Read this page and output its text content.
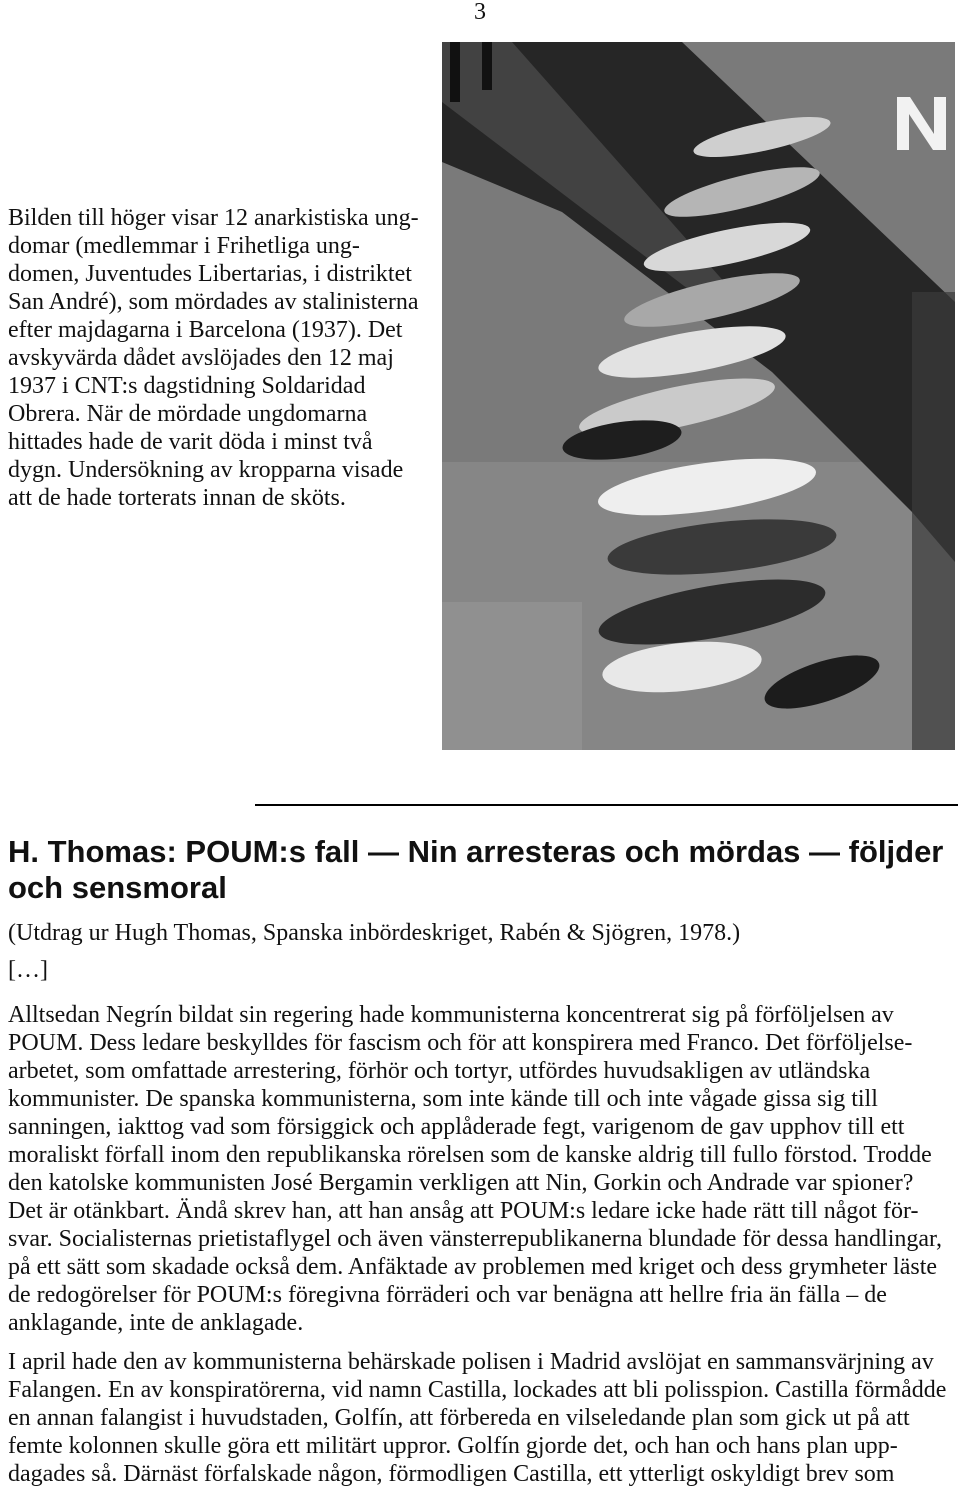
3
Bilden till höger visar 12 anarkistiska ung-
domar (medlemmar i Frihetliga ung-
domen, Juventudes Libertarias, i distriktet
San André), som mördades av stalinisterna
efter majdagarna i Barcelona (1937). Det
avskyvärda dådet avslöjades den 12 maj
1937 i CNT:s dagstidning Soldaridad
Obrera. När de mördade ungdomarna
hittades hade de varit döda i minst två
dygn. Undersökning av kropparna visade
att de hade torterats innan de sköts.
H. Thomas: POUM:s fall — Nin arresteras och mördas — följder
och sensmoral
(Utdrag ur Hugh Thomas, Spanska inbördeskriget, Rabén & Sjögren, 1978.)
[…]
Alltsedan Negrín bildat sin regering hade kommunisterna koncentrerat sig på förföljelsen av
POUM. Dess ledare beskylldes för fascism och för att konspirera med Franco. Det förföljelse-
arbetet, som omfattade arrestering, förhör och tortyr, utfördes huvudsakligen av utländska
kommunister. De spanska kommunisterna, som inte kände till och inte vågade gissa sig till
sanningen, iakttog vad som försiggick och applåderade fegt, varigenom de gav upphov till ett
moraliskt förfall inom den republikanska rörelsen som de kanske aldrig till fullo förstod. Trodde
den katolske kommunisten José Bergamin verkligen att Nin, Gorkin och Andrade var spioner?
Det är otänkbart. Ändå skrev han, att han ansåg att POUM:s ledare icke hade rätt till något för-
svar. Socialisternas prietistaflygel och även vänsterrepublikanerna blundade för dessa handlingar,
på ett sätt som skadade också dem. Anfäktade av problemen med kriget och dess grymheter läste
de redogörelser för POUM:s föregivna förräderi och var benägna att hellre fria än fälla – de
anklagande, inte de anklagade.
I april hade den av kommunisterna behärskade polisen i Madrid avslöjat en sammansvärjning av
Falangen. En av konspiratörerna, vid namn Castilla, lockades att bli polisspion. Castilla förmådde
en annan falangist i huvudstaden, Golfín, att förbereda en vilseledande plan som gick ut på att
femte kolonnen skulle göra ett militärt uppror. Golfín gjorde det, och han och hans plan upp-
dagades så. Därnäst förfalskade någon, förmodligen Castilla, ett ytterligt oskyldigt brev som
